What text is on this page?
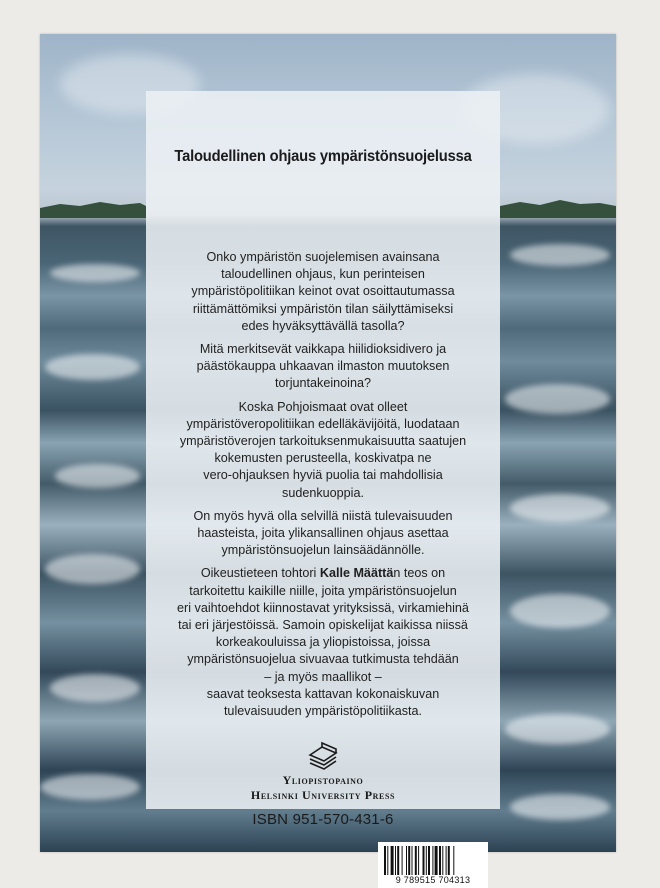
Taloudellinen ohjaus ympäristönsuojelussa

Onko ympäristön suojelemisen avainsana
taloudellinen ohjaus, kun perinteisen
ympäristöpolitiikan keinot ovat osoittautumassa
riittämättömiksi ympäristön tilan säilyttämiseksi
edes hyväksyttävällä tasolla?

Mitä merkitsevät vaikkapa hiilidioksidivero ja
päästökauppa uhkaavan ilmaston muutoksen
torjuntakeinoina?

Koska Pohjoismaat ovat olleet
ympäristöveropolitiikan edelläkävijöitä, luodataan
ympäristöverojen tarkoituksenmukaisuutta saatujen
kokemusten perusteella, koskivatpa ne
vero-ohjauksen hyviä puolia tai mahdollisia
sudenkuoppia.

On myös hyvä olla selvillä niistä tulevaisuuden
haasteista, joita ylikansallinen ohjaus asettaa
ympäristönsuojelun lainsäädännölle.

Oikeustieteen tohtori Kalle Määttän teos on
tarkoitettu kaikille niille, joita ympäristönsuojelun
eri vaihtoehdot kiinnostavat yrityksissä, virkamiehinä
tai eri järjestöissä. Samoin opiskelijat kaikissa niissä
korkeakouluissa ja yliopistoissa, joissa
ympäristönsuojelua sivuavaa tutkimusta tehdään
– ja myös maallikot –
saavat teoksesta kattavan kokonaiskuvan
tulevaisuuden ympäristöpolitiikasta.

Yliopistopaino
Helsinki University Press
ISBN 951-570-431-6
9 789515 704313
